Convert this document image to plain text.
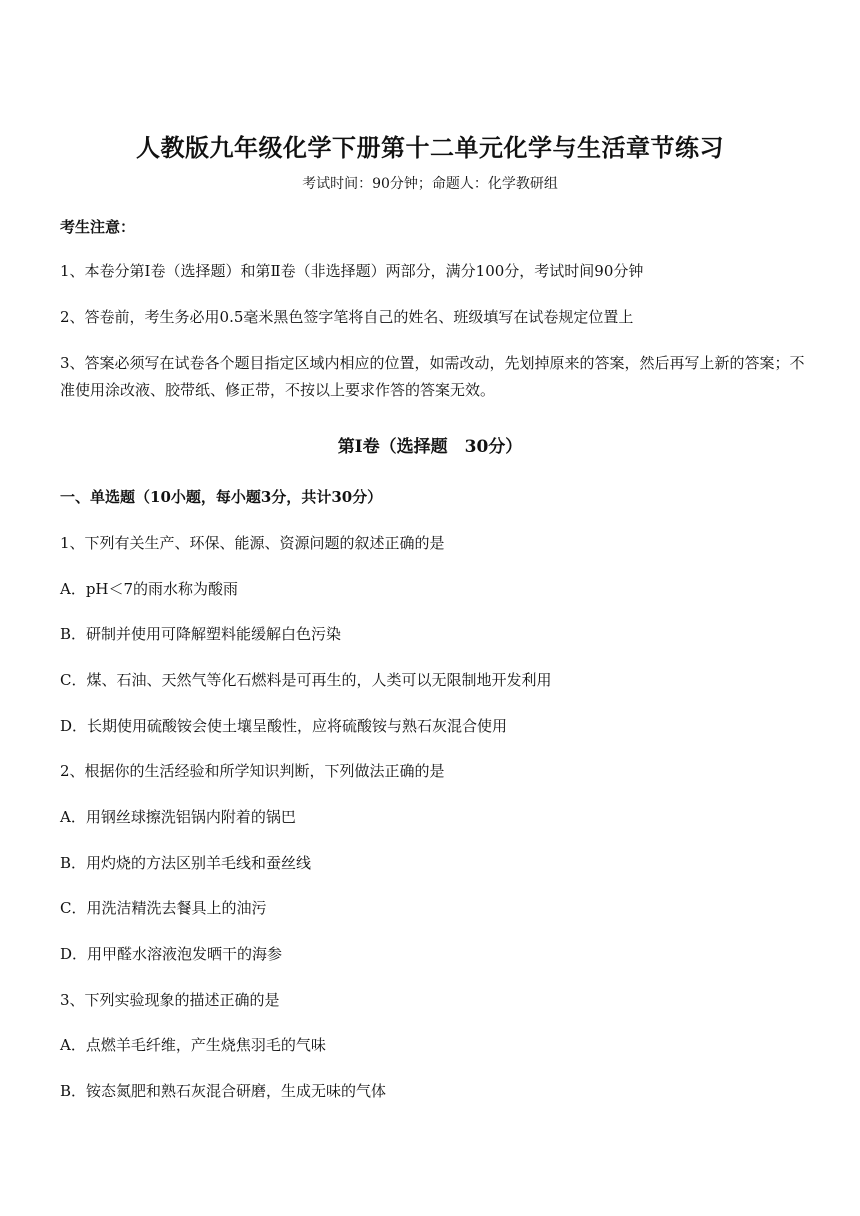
人教版九年级化学下册第十二单元化学与生活章节练习
考试时间：90分钟；命题人：化学教研组
考生注意：
1、本卷分第I卷（选择题）和第Ⅱ卷（非选择题）两部分，满分100分，考试时间90分钟
2、答卷前，考生务必用0.5毫米黑色签字笔将自己的姓名、班级填写在试卷规定位置上
3、答案必须写在试卷各个题目指定区域内相应的位置，如需改动，先划掉原来的答案，然后再写上新的答案；不准使用涂改液、胶带纸、修正带，不按以上要求作答的答案无效。
第I卷（选择题　30分）
一、单选题（10小题，每小题3分，共计30分）
1、下列有关生产、环保、能源、资源问题的叙述正确的是
A．pH＜7的雨水称为酸雨
B．研制并使用可降解塑料能缓解白色污染
C．煤、石油、天然气等化石燃料是可再生的，人类可以无限制地开发利用
D．长期使用硫酸铵会使土壤呈酸性，应将硫酸铵与熟石灰混合使用
2、根据你的生活经验和所学知识判断，下列做法正确的是
A．用钢丝球擦洗铝锅内附着的锅巴
B．用灼烧的方法区别羊毛线和蚕丝线
C．用洗洁精洗去餐具上的油污
D．用甲醛水溶液泡发晒干的海参
3、下列实验现象的描述正确的是
A．点燃羊毛纤维，产生烧焦羽毛的气味
B．铵态氮肥和熟石灰混合研磨，生成无味的气体
